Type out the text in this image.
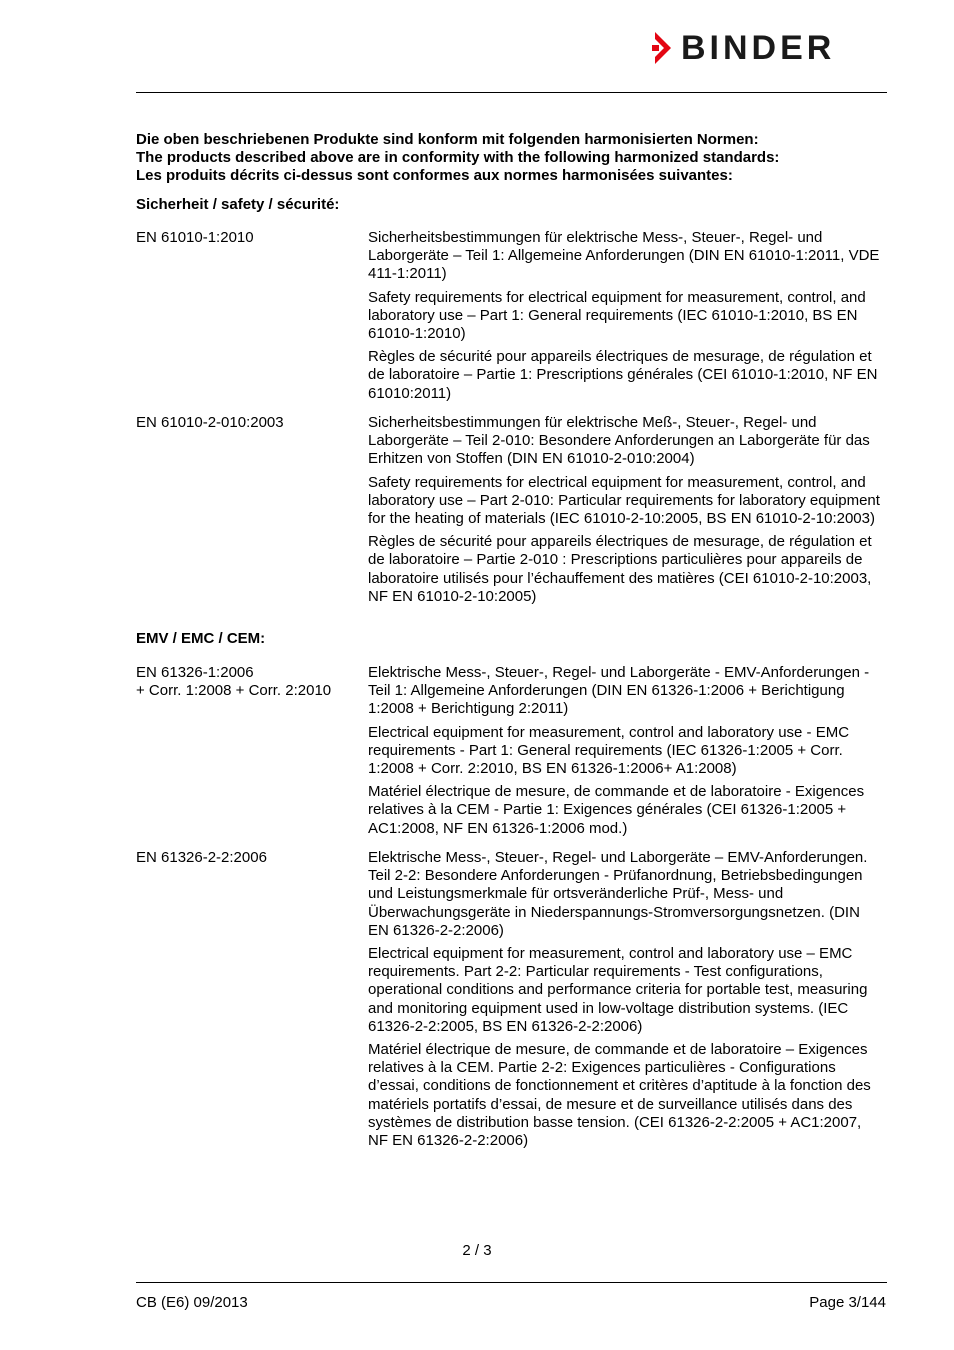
BINDER
Die oben beschriebenen Produkte sind konform mit folgenden harmonisierten Normen:
The products described above are in conformity with the following harmonized standards:
Les produits décrits ci-dessus sont conformes aux normes harmonisées suivantes:
Sicherheit / safety / sécurité:
EN 61010-1:2010	Sicherheitsbestimmungen für elektrische Mess-, Steuer-, Regel- und Laborgeräte – Teil 1: Allgemeine Anforderungen (DIN EN 61010-1:2011, VDE 411-1:2011)

Safety requirements for electrical equipment for measurement, control, and laboratory use – Part 1: General requirements (IEC 61010-1:2010, BS EN 61010-1:2010)

Règles de sécurité pour appareils électriques de mesurage, de régulation et de laboratoire – Partie 1: Prescriptions générales (CEI 61010-1:2010, NF EN 61010:2011)

EN 61010-2-010:2003	Sicherheitsbestimmungen für elektrische Meß-, Steuer-, Regel- und Laborgeräte – Teil 2-010: Besondere Anforderungen an Laborgeräte für das Erhitzen von Stoffen (DIN EN 61010-2-010:2004)

Safety requirements for electrical equipment for measurement, control, and laboratory use – Part 2-010: Particular requirements for laboratory equipment for the heating of materials (IEC 61010-2-10:2005, BS EN 61010-2-10:2003)

Règles de sécurité pour appareils électriques de mesurage, de régulation et de laboratoire – Partie 2-010 : Prescriptions particulières pour appareils de laboratoire utilisés pour l’échauffement des matières (CEI 61010-2-10:2003, NF EN 61010-2-10:2005)

EMV / EMC / CEM:
EN 61326-1:2006
+ Corr. 1:2008 + Corr. 2:2010

Elektrische Mess-, Steuer-, Regel- und Laborgeräte - EMV-Anforderungen - Teil 1: Allgemeine Anforderungen (DIN EN 61326-1:2006 + Berichtigung 1:2008 + Berichtigung 2:2011)

Electrical equipment for measurement, control and laboratory use - EMC requirements - Part 1: General requirements (IEC 61326-1:2005 + Corr. 1:2008 + Corr. 2:2010, BS EN 61326-1:2006+ A1:2008)

Matériel électrique de mesure, de commande et de laboratoire - Exigences relatives à la CEM - Partie 1: Exigences générales (CEI 61326-1:2005 + AC1:2008, NF EN 61326-1:2006 mod.)

EN 61326-2-2:2006	Elektrische Mess-, Steuer-, Regel- und Laborgeräte – EMV-Anforderungen. Teil 2-2: Besondere Anforderungen - Prüfanordnung, Betriebsbedingungen und Leistungsmerkmale für ortsveränderliche Prüf-, Mess- und Überwachungsgeräte in Niederspannungs-Stromversorgungsnetzen. (DIN EN 61326-2-2:2006)

Electrical equipment for measurement, control and laboratory use – EMC requirements. Part 2-2: Particular requirements - Test configurations, operational conditions and performance criteria for portable test, measuring and monitoring equipment used in low-voltage distribution systems. (IEC 61326-2-2:2005, BS EN 61326-2-2:2006)

Matériel électrique de mesure, de commande et de laboratoire – Exigences relatives à la CEM. Partie 2-2: Exigences particulières - Configurations d’essai, conditions de fonctionnement et critères d’aptitude à la fonction des matériels portatifs d’essai, de mesure et de surveillance utilisés dans des systèmes de distribution basse tension. (CEI 61326-2-2:2005 + AC1:2007, NF EN 61326-2-2:2006)

2 / 3
CB (E6) 09/2013	Page 3/144
